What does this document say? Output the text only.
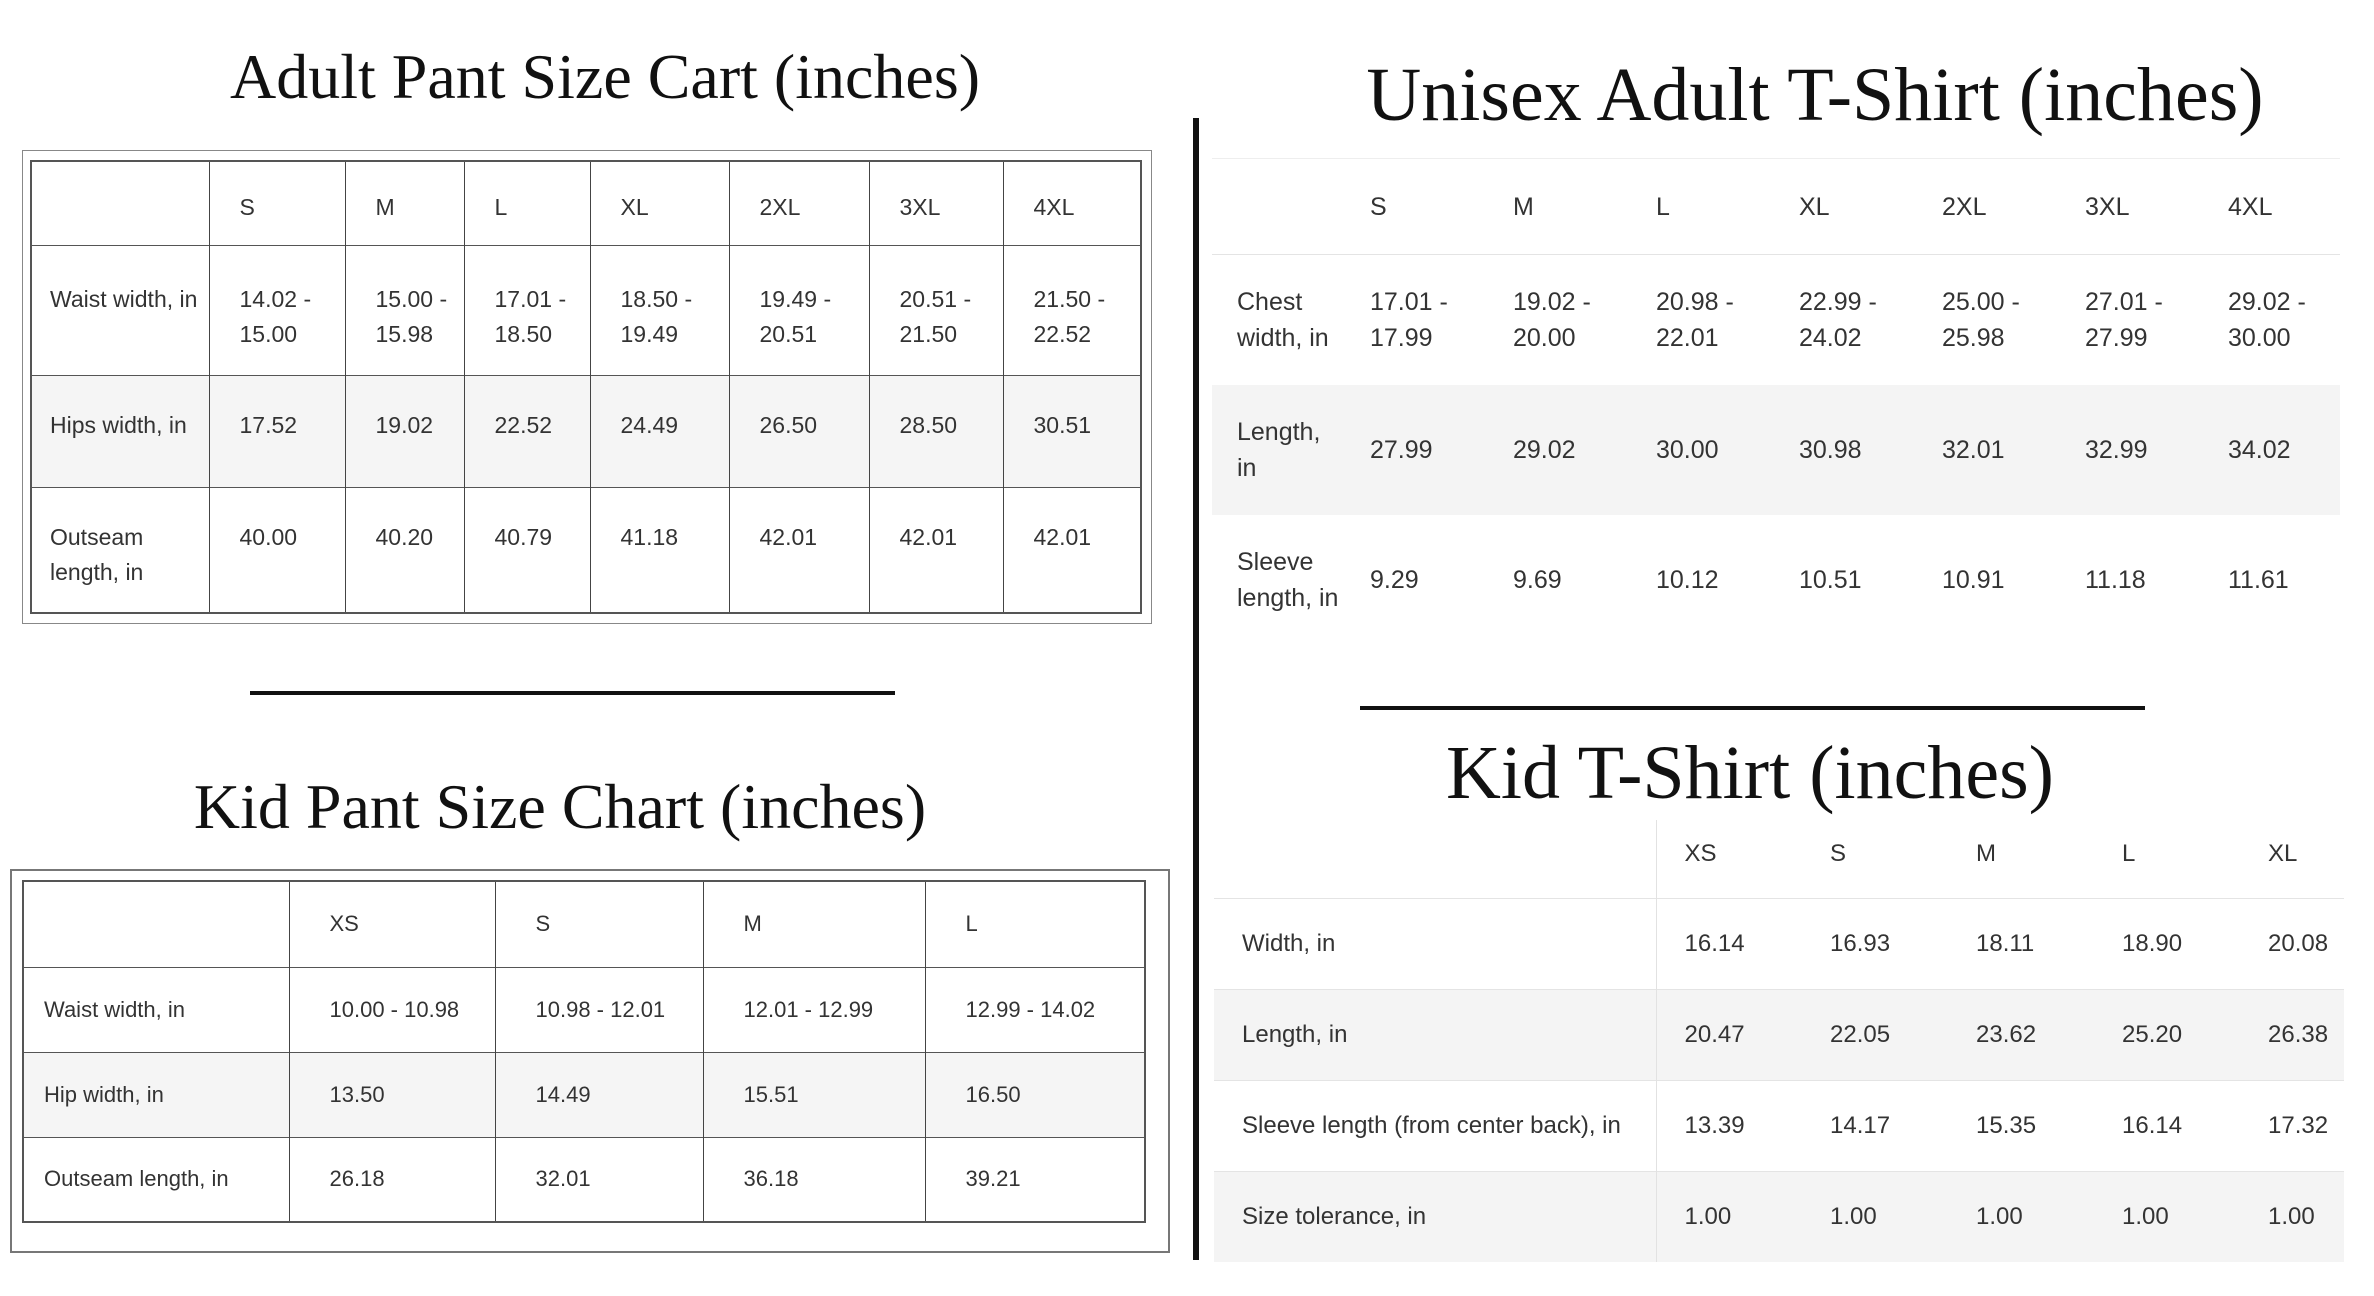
Adult Pant Size Cart (inches)
Kid Pant Size Chart (inches)
Unisex Adult T-Shirt (inches)
Kid T-Shirt (inches)
	S	M	L	XL	2XL	3XL	4XL
Waist width, in	14.02 - 15.00	15.00 - 15.98	17.01 - 18.50	18.50 - 19.49	19.49 - 20.51	20.51 - 21.50	21.50 - 22.52
Hips width, in	17.52	19.02	22.52	24.49	26.50	28.50	30.51
Outseam length, in	40.00	40.20	40.79	41.18	42.01	42.01	42.01
	XS	S	M	L
Waist width, in	10.00 - 10.98	10.98 - 12.01	12.01 - 12.99	12.99 - 14.02
Hip width, in	13.50	14.49	15.51	16.50
Outseam length, in	26.18	32.01	36.18	39.21
	S	M	L	XL	2XL	3XL	4XL
Chest width, in	17.01 - 17.99	19.02 - 20.00	20.98 - 22.01	22.99 - 24.02	25.00 - 25.98	27.01 - 27.99	29.02 - 30.00
Length, in	27.99	29.02	30.00	30.98	32.01	32.99	34.02
Sleeve length, in	9.29	9.69	10.12	10.51	10.91	11.18	11.61
	XS	S	M	L	XL
Width, in	16.14	16.93	18.11	18.90	20.08
Length, in	20.47	22.05	23.62	25.20	26.38
Sleeve length (from center back), in	13.39	14.17	15.35	16.14	17.32
Size tolerance, in	1.00	1.00	1.00	1.00	1.00
